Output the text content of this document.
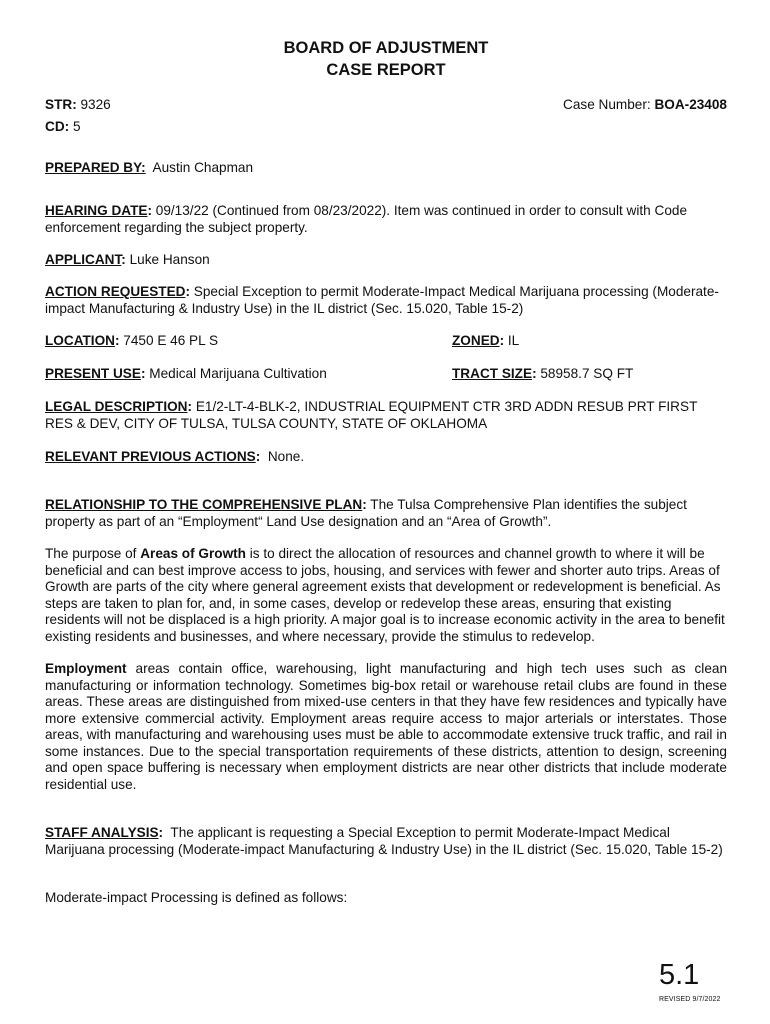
BOARD OF ADJUSTMENT
CASE REPORT
STR: 9326	Case Number: BOA-23408
CD: 5
PREPARED BY: Austin Chapman
HEARING DATE: 09/13/22 (Continued from 08/23/2022). Item was continued in order to consult with Code enforcement regarding the subject property.
APPLICANT: Luke Hanson
ACTION REQUESTED: Special Exception to permit Moderate-Impact Medical Marijuana processing (Moderate-impact Manufacturing & Industry Use) in the IL district (Sec. 15.020, Table 15-2)
LOCATION: 7450 E 46 PL S	ZONED: IL
PRESENT USE: Medical Marijuana Cultivation	TRACT SIZE: 58958.7 SQ FT
LEGAL DESCRIPTION: E1/2-LT-4-BLK-2, INDUSTRIAL EQUIPMENT CTR 3RD ADDN RESUB PRT FIRST RES & DEV, CITY OF TULSA, TULSA COUNTY, STATE OF OKLAHOMA
RELEVANT PREVIOUS ACTIONS: None.
RELATIONSHIP TO THE COMPREHENSIVE PLAN: The Tulsa Comprehensive Plan identifies the subject property as part of an “Employment“ Land Use designation and an “Area of Growth”.
The purpose of Areas of Growth is to direct the allocation of resources and channel growth to where it will be beneficial and can best improve access to jobs, housing, and services with fewer and shorter auto trips. Areas of Growth are parts of the city where general agreement exists that development or redevelopment is beneficial. As steps are taken to plan for, and, in some cases, develop or redevelop these areas, ensuring that existing residents will not be displaced is a high priority. A major goal is to increase economic activity in the area to benefit existing residents and businesses, and where necessary, provide the stimulus to redevelop.
Employment areas contain office, warehousing, light manufacturing and high tech uses such as clean manufacturing or information technology. Sometimes big-box retail or warehouse retail clubs are found in these areas. These areas are distinguished from mixed-use centers in that they have few residences and typically have more extensive commercial activity. Employment areas require access to major arterials or interstates. Those areas, with manufacturing and warehousing uses must be able to accommodate extensive truck traffic, and rail in some instances. Due to the special transportation requirements of these districts, attention to design, screening and open space buffering is necessary when employment districts are near other districts that include moderate residential use.
STAFF ANALYSIS: The applicant is requesting a Special Exception to permit Moderate-Impact Medical Marijuana processing (Moderate-impact Manufacturing & Industry Use) in the IL district (Sec. 15.020, Table 15-2)
Moderate-impact Processing is defined as follows:
5.1
REVISED 9/7/2022
